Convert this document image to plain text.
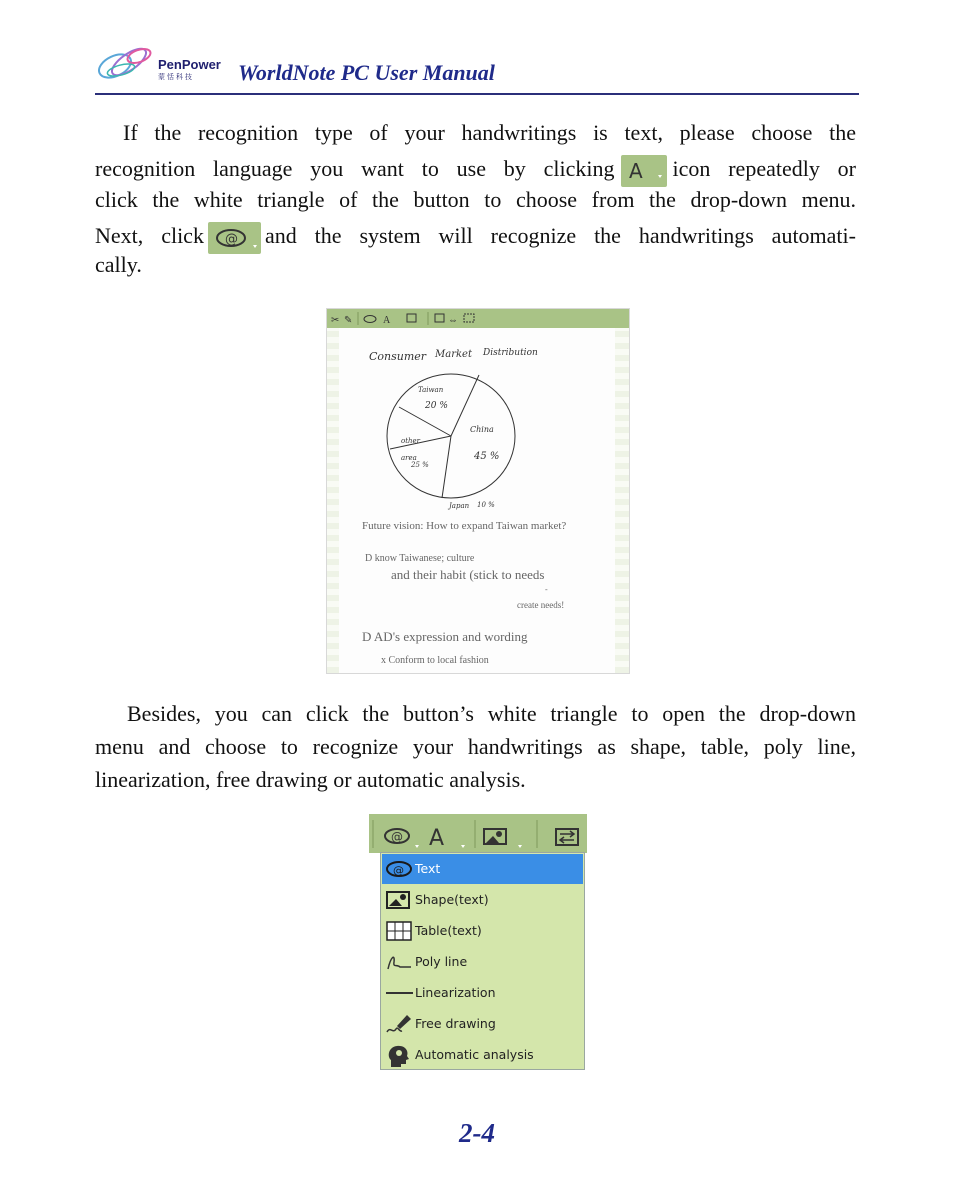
PenPower
蒙恬科技 WorldNote PC User Manual
If the recognition type of your handwritings is text, please choose the
recognition language you want to use by clicking A icon repeatedly or
click the white triangle of the button to choose from the drop-down menu.
Next, click @ and the system will recognize the handwritings automati-
cally.
✂ ✎	A	⇔
Consumer Market Distribution
Taiwan
20 %
China
45 %
Japan 10 %
other area
25 %
Future vision: How to expand Taiwan market?
D know Taiwanese; culture
and their habit (stick to needs
-
create needs!
D AD's expression and wording
x Conform to local fashion
Besides, you can click the button’s white triangle to open the drop-down
menu and choose to recognize your handwritings as shape, table, poly line,
linearization, free drawing or automatic analysis.
@ A
@ Text
Shape(text)
Table(text)
Poly line
Linearization
Free drawing
Automatic analysis
2-4
